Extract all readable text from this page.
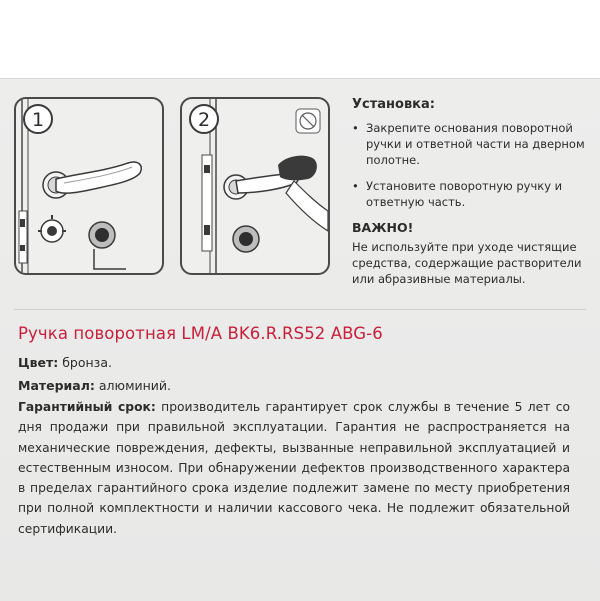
1	2
Установка:
• Закрепите основания поворотной ручки и ответной части на дверном полотне.
• Установите поворотную ручку и ответную часть.
ВАЖНО!

Не используйте при уходе чистящие средства, содержащие растворители или абразивные материалы.

Ручка поворотная LM/A BK6.R.RS52 ABG-6
Цвет: бронза.
Материал: алюминий.
Гарантийный срок: производитель гарантирует срок службы в течение 5 лет со дня продажи при правильной эксплуатации. Гарантия не распространяется на механические повреждения, дефекты, вызванные неправильной эксплуатацией и естественным износом. При обнаружении дефектов производственного характера в пределах гарантийного срока изделие подлежит замене по месту приобретения при полной комплектности и наличии кассового чека. Не подлежит обязательной сертификации.
